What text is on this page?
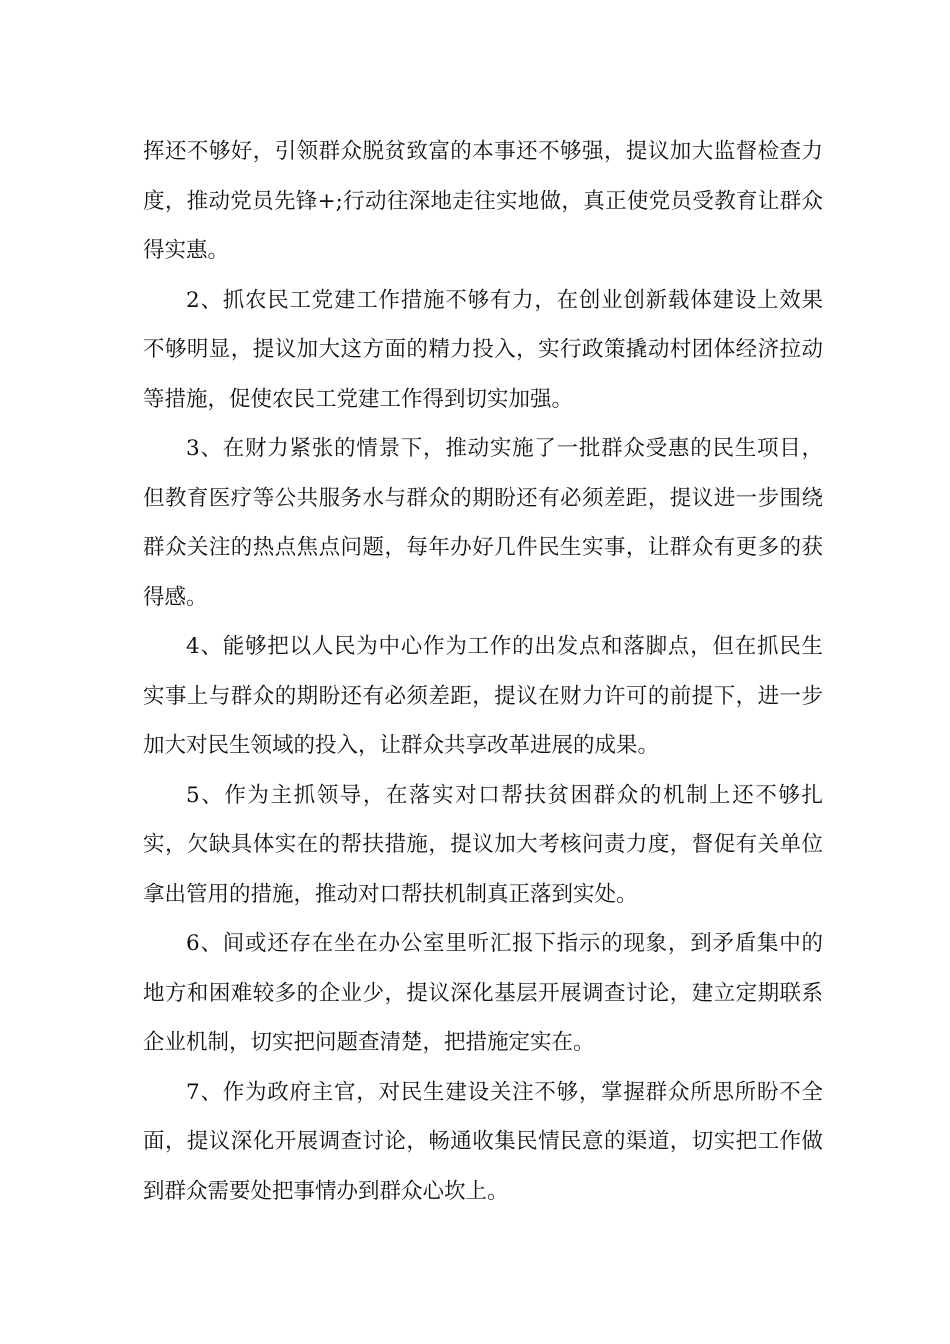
挥还不够好，引领群众脱贫致富的本事还不够强，提议加大监督检查力度，推动党员先锋+;行动往深地走往实地做，真正使党员受教育让群众得实惠。

2、抓农民工党建工作措施不够有力，在创业创新载体建设上效果不够明显，提议加大这方面的精力投入，实行政策撬动村团体经济拉动等措施，促使农民工党建工作得到切实加强。

3、在财力紧张的情景下，推动实施了一批群众受惠的民生项目，但教育医疗等公共服务水与群众的期盼还有必须差距，提议进一步围绕群众关注的热点焦点问题，每年办好几件民生实事，让群众有更多的获得感。

4、能够把以人民为中心作为工作的出发点和落脚点，但在抓民生实事上与群众的期盼还有必须差距，提议在财力许可的前提下，进一步加大对民生领域的投入，让群众共享改革进展的成果。

5、作为主抓领导，在落实对口帮扶贫困群众的机制上还不够扎实，欠缺具体实在的帮扶措施，提议加大考核问责力度，督促有关单位拿出管用的措施，推动对口帮扶机制真正落到实处。

6、间或还存在坐在办公室里听汇报下指示的现象，到矛盾集中的地方和困难较多的企业少，提议深化基层开展调查讨论，建立定期联系企业机制，切实把问题查清楚，把措施定实在。

7、作为政府主官，对民生建设关注不够，掌握群众所思所盼不全面，提议深化开展调查讨论，畅通收集民情民意的渠道，切实把工作做到群众需要处把事情办到群众心坎上。
